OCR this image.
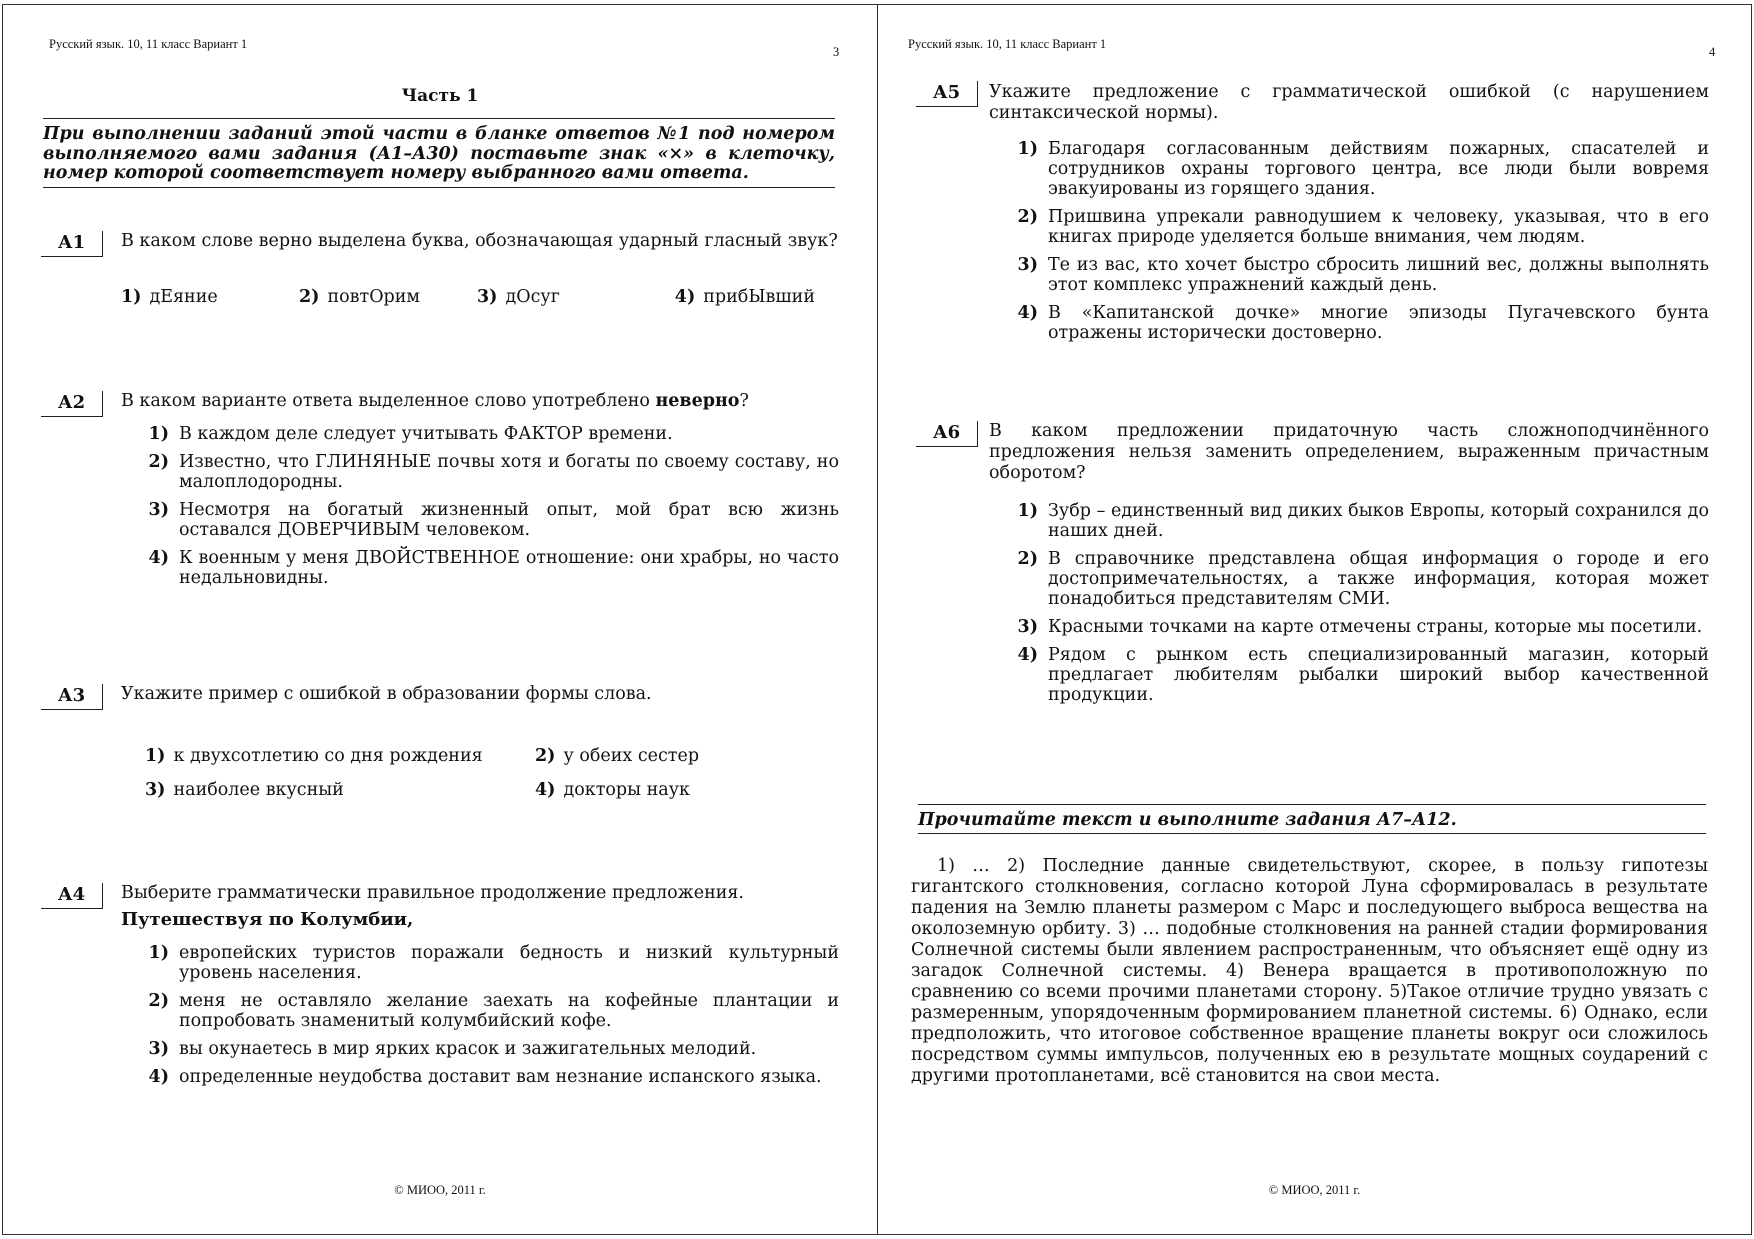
Русский язык. 10, 11 класс Вариант 1
3
Часть 1
При выполнении заданий этой части в бланке ответов №1 под номером выполняемого вами задания (А1–А30) поставьте знак «×» в клеточку, номер которой соответствует номеру выбранного вами ответа.
А1	В каком слове верно выделена буква, обозначающая ударный гласный звук?
1) дЕяние	2) повтОрим	3) дОсуг	4) прибЫвший
А2	В каком варианте ответа выделенное слово употреблено неверно?
1) В каждом деле следует учитывать ФАКТОР времени.
2) Известно, что ГЛИНЯНЫЕ почвы хотя и богаты по своему составу, но малоплодородны.
3) Несмотря на богатый жизненный опыт, мой брат всю жизнь оставался ДОВЕРЧИВЫМ человеком.
4) К военным у меня ДВОЙСТВЕННОЕ отношение: они храбры, но часто недальновидны.
А3	Укажите пример с ошибкой в образовании формы слова.
1) к двухсотлетию со дня рождения	2) у обеих сестер
3) наиболее вкусный	4) докторы наук
А4	Выберите грамматически правильное продолжение предложения.
Путешествуя по Колумбии,
1) европейских туристов поражали бедность и низкий культурный уровень населения.
2) меня не оставляло желание заехать на кофейные плантации и попробовать знаменитый колумбийский кофе.
3) вы окунаетесь в мир ярких красок и зажигательных мелодий.
4) определенные неудобства доставит вам незнание испанского языка.
© МИОО, 2011 г.
Русский язык. 10, 11 класс Вариант 1
4
А5	Укажите предложение с грамматической ошибкой (с нарушением синтаксической нормы).
1) Благодаря согласованным действиям пожарных, спасателей и сотрудников охраны торгового центра, все люди были вовремя эвакуированы из горящего здания.
2) Пришвина упрекали равнодушием к человеку, указывая, что в его книгах природе уделяется больше внимания, чем людям.
3) Те из вас, кто хочет быстро сбросить лишний вес, должны выполнять этот комплекс упражнений каждый день.
4) В «Капитанской дочке» многие эпизоды Пугачевского бунта отражены исторически достоверно.
А6	В каком предложении придаточную часть сложноподчинённого предложения нельзя заменить определением, выраженным причастным оборотом?
1) Зубр – единственный вид диких быков Европы, который сохранился до наших дней.
2) В справочнике представлена общая информация о городе и его достопримечательностях, а также информация, которая может понадобиться представителям СМИ.
3) Красными точками на карте отмечены страны, которые мы посетили.
4) Рядом с рынком есть специализированный магазин, который предлагает любителям рыбалки широкий выбор качественной продукции.
Прочитайте текст и выполните задания А7–А12.
1) … 2) Последние данные свидетельствуют, скорее, в пользу гипотезы гигантского столкновения, согласно которой Луна сформировалась в результате падения на Землю планеты размером с Марс и последующего выброса вещества на околоземную орбиту. 3) … подобные столкновения на ранней стадии формирования Солнечной системы были явлением распространенным, что объясняет ещё одну из загадок Солнечной системы. 4) Венера вращается в противоположную по сравнению со всеми прочими планетами сторону. 5)Такое отличие трудно увязать с размеренным, упорядоченным формированием планетной системы. 6) Однако, если предположить, что итоговое собственное вращение планеты вокруг оси сложилось посредством суммы импульсов, полученных ею в результате мощных соударений с другими протопланетами, всё становится на свои места.
© МИОО, 2011 г.
